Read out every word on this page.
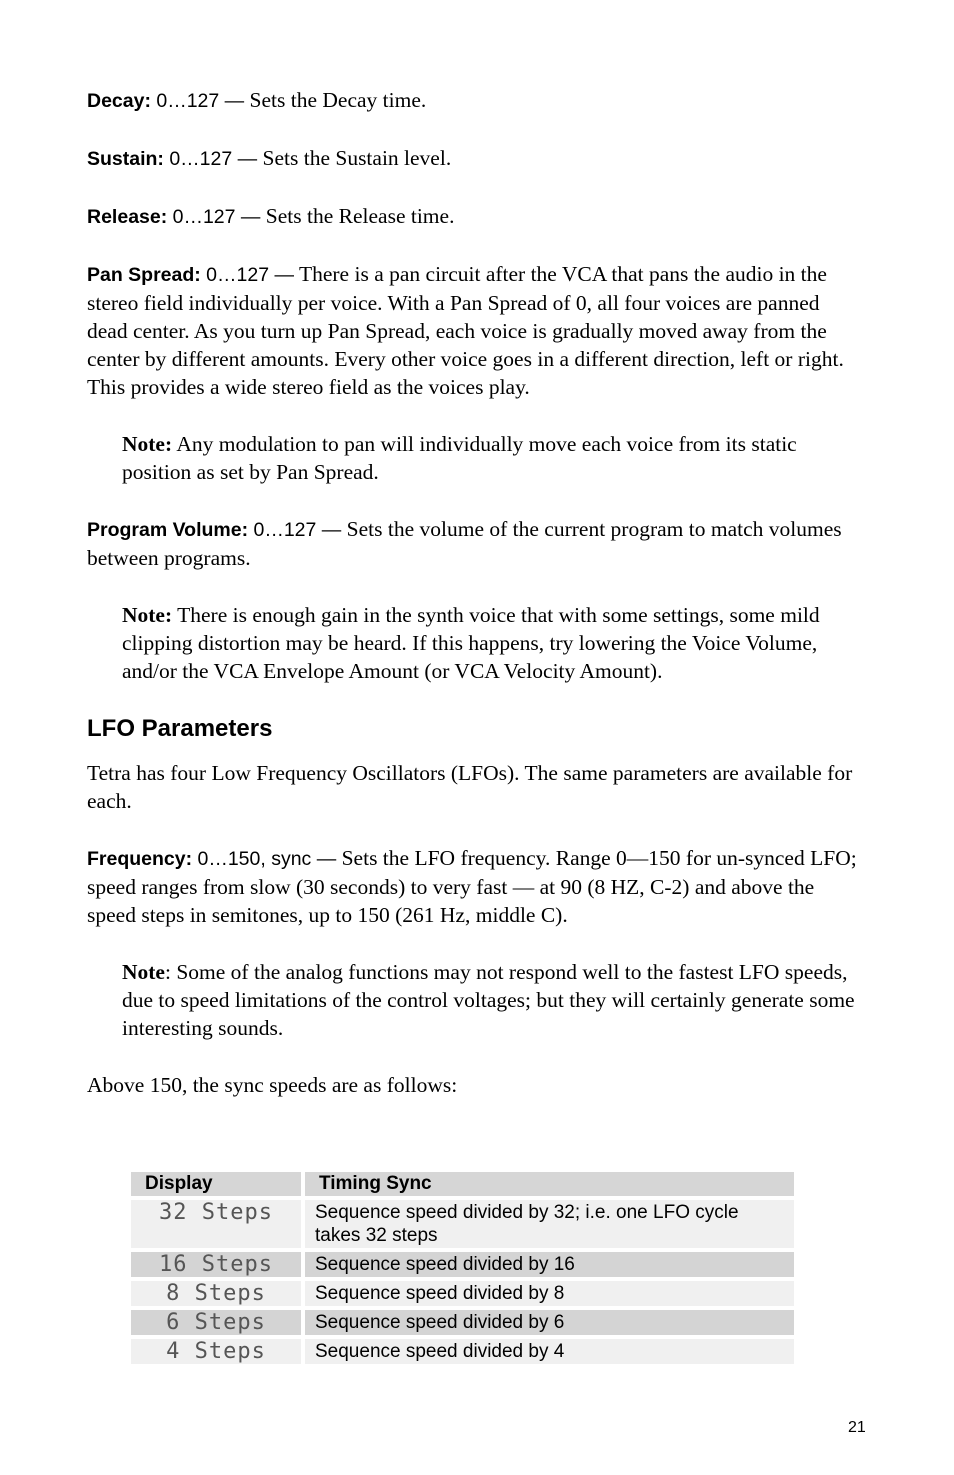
Decay: 0…127 — Sets the Decay time.

Sustain: 0…127 — Sets the Sustain level.

Release: 0…127 — Sets the Release time.

Pan Spread: 0…127 — There is a pan circuit after the VCA that pans the audio in the stereo field individually per voice. With a Pan Spread of 0, all four voices are panned dead center. As you turn up Pan Spread, each voice is gradually moved away from the center by different amounts. Every other voice goes in a different direction, left or right. This provides a wide stereo field as the voices play.

Note: Any modulation to pan will individually move each voice from its static position as set by Pan Spread.

Program Volume: 0…127 — Sets the volume of the current program to match volumes between programs.

Note: There is enough gain in the synth voice that with some settings, some mild clipping distortion may be heard. If this happens, try lowering the Voice Volume, and/or the VCA Envelope Amount (or VCA Velocity Amount).

LFO Parameters

Tetra has four Low Frequency Oscillators (LFOs). The same parameters are available for each.

Frequency: 0…150, sync — Sets the LFO frequency. Range 0—150 for un-synced LFO; speed ranges from slow (30 seconds) to very fast — at 90 (8 HZ, C-2) and above the speed steps in semitones, up to 150 (261 Hz, middle C).

Note: Some of the analog functions may not respond well to the fastest LFO speeds, due to speed limitations of the control voltages; but they will certainly generate some interesting sounds.

Above 150, the sync speeds are as follows:

Display	Timing Sync
32 Steps	Sequence speed divided by 32; i.e. one LFO cycle takes 32 steps
16 Steps	Sequence speed divided by 16
8 Steps	Sequence speed divided by 8
6 Steps	Sequence speed divided by 6
4 Steps	Sequence speed divided by 4
21
